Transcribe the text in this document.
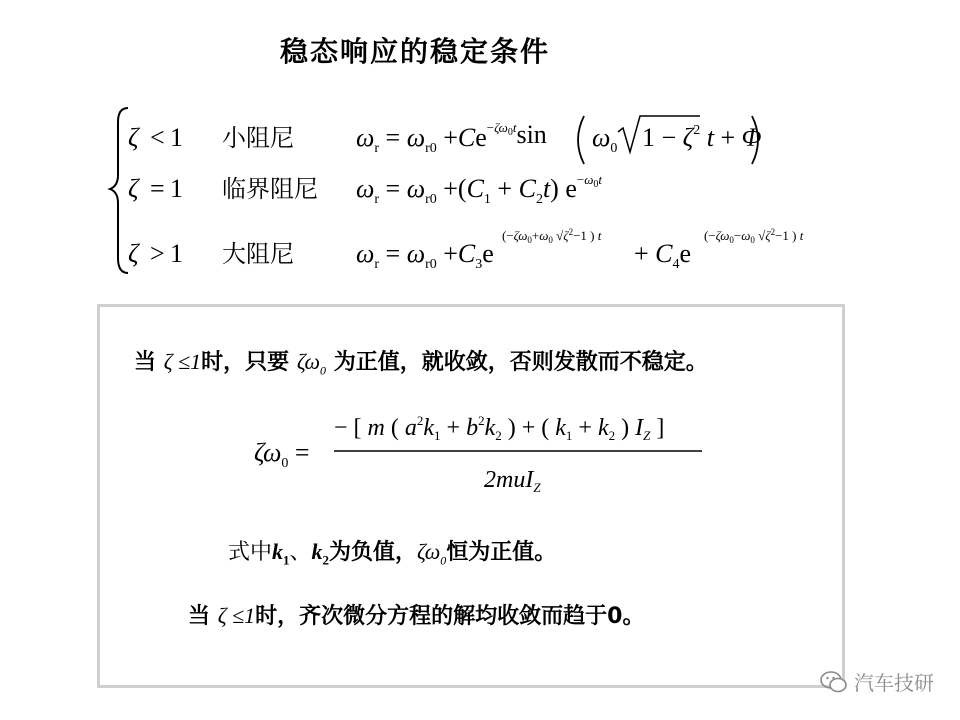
稳态响应的稳定条件
ζ < 1 小阻尼 $\omega_r = \omega_{r0} +Ce^-\zeta\omega 0tsin$ $\omega_0$ $1 - \zeta^2$ t + Φ
ζ = 1 临界阻尼 $\omega_r = \omega_{r0} +(C_1 + C_2t)$ e−ω0t
ζ > 1 大阻尼 $\omega_r = \omega_{r0} +C_3e$
($-\zeta\omega_0+\omega_0$ $√\zeta^2-1$ ) t
+ $C_4e$
($-\zeta\omega_0-\omega_0$ $√\zeta^2-1$ ) t
当 ζ ≤1时，只要 $\zeta\omega_0$ 为正值，就收敛，否则发散而不稳定。
$\zeta\omega_0$ =
− [ m ( $a^2k_1 + b^2k_2$ ) + ( $k_1 + k_2$ ) $I_Z$ ]
2muI$_Z$
式中$k_1$、$k_2$为负值，$\zeta\omega_0$恒为正值。
当 ζ ≤1时，齐次微分方程的解均收敛而趋于0。
汽车技研
